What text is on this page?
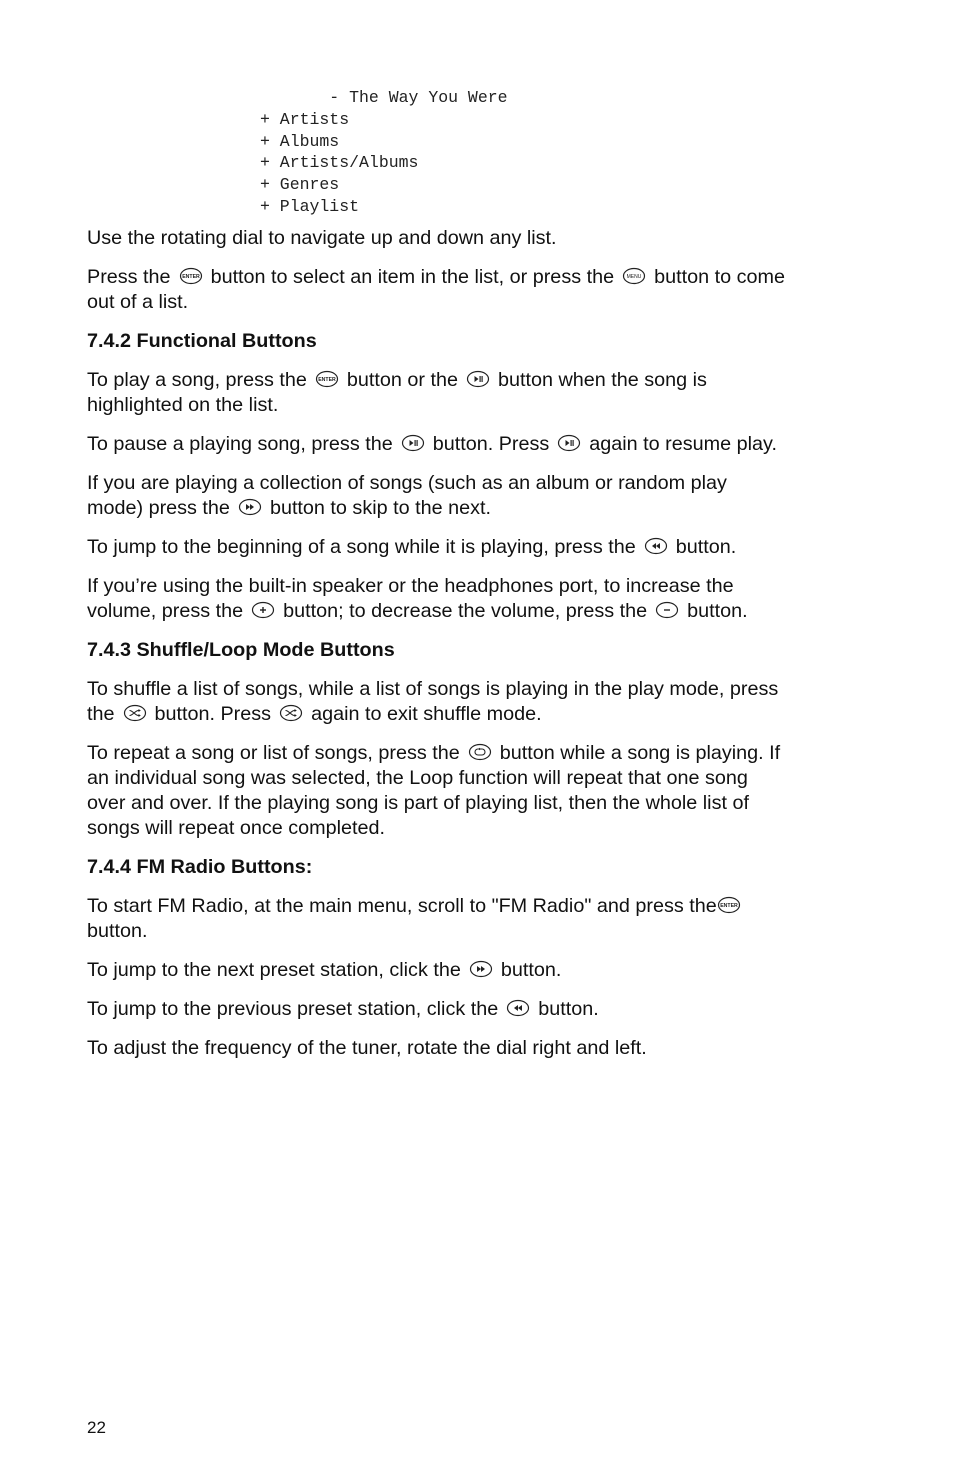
- The Way You Were
+ Artists
+ Albums
+ Artists/Albums
+ Genres
+ Playlist

Use the rotating dial to navigate up and down any list.

Press the ENTER button to select an item in the list, or press the	MENU button to come out of a list.

7.4.2 Functional Buttons

To play a song, press the ENTER button or the button when the song is highlighted on the list.

To pause a playing song, press the button. Press again to resume play.

If you are playing a collection of songs (such as an album or random play mode) press the button to skip to the next.

To jump to the beginning of a song while it is playing, press the button.

If you’re using the built-in speaker or the headphones port, to increase the volume, press the button; to decrease the volume, press the button.

7.4.3 Shuffle/Loop Mode Buttons

To shuffle a list of songs, while a list of songs is playing in the play mode, press the button. Press again to exit shuffle mode.

To repeat a song or list of songs, press the button while a song is playing. If an individual song was selected, the Loop function will repeat that one song over and over. If the playing song is part of playing list, then the whole list of songs will repeat once completed.

7.4.4 FM Radio Buttons:

To start FM Radio, at the main menu, scroll to "FM Radio" and press the ENTER
button.

To jump to the next preset station, click the button.

To jump to the previous preset station, click the button.

To adjust the frequency of the tuner, rotate the dial right and left.

22
